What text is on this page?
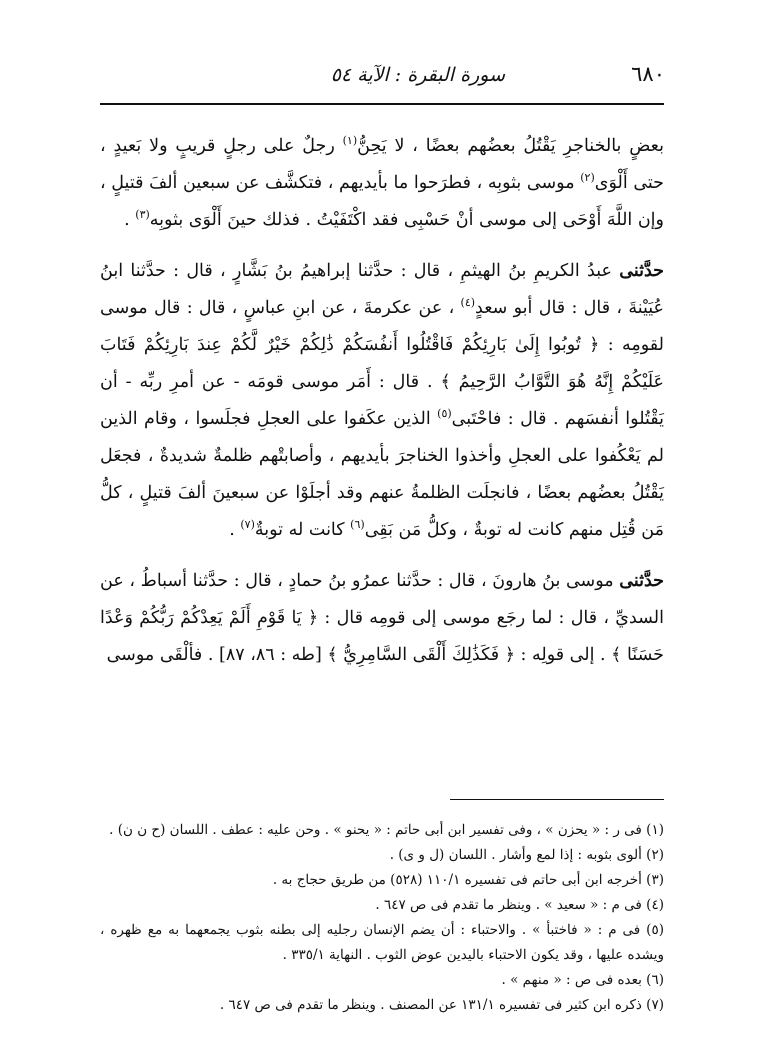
٦٨٠
سورة البقرة : الآية ٥٤

بعضٍ بالخناجرِ يَقْتُلُ بعضُهم بعضًا ، لا يَحِنُّ$^{(١)}$ رجلٌ على رجلٍ قريبٍ ولا بَعيدٍ ، حتى أَلْوَى$^{(٢)}$ موسى بثوبِه ، فطرَحوا ما بأيديهم ، فتكشَّف عن سبعين ألفَ قتيلٍ ، وإن اللَّهَ أَوْحَى إلى موسى أنْ حَسْبِى فقد اكْتَفَيْتُ . فذلك حينَ أَلْوَى بثوبِه$^{(٣)}$ .

حدَّثنى عبدُ الكريمِ بنُ الهيثمِ ، قال : حدَّثنا إبراهيمُ بنُ بَشَّارٍ ، قال : حدَّثنا ابنُ عُيَيْنةَ ، قال : قال أبو سعدٍ$^{(٤)}$ ، عن عكرمةَ ، عن ابنِ عباسٍ ، قال : قال موسى لقومِه : ﴿ تُوبُوا إِلَىٰ بَارِئِكُمْ فَاقْتُلُوا أَنفُسَكُمْ ذَٰلِكُمْ خَيْرٌ لَّكُمْ عِندَ بَارِئِكُمْ فَتَابَ عَلَيْكُمْ إِنَّهُ هُوَ التَّوَّابُ الرَّحِيمُ ﴾ . قال : أَمَر موسى قومَه - عن أمرِ ربِّه - أن يَقْتُلوا أنفسَهم . قال : فاحْتَبى$^{(٥)}$ الذين عكَفوا على العجلِ فجلَسوا ، وقام الذين لم يَعْكُفوا على العجلِ وأخذوا الخناجرَ بأيديهم ، وأصابتْهم ظلمةٌ شديدةٌ ، فجعَل يَقْتُلُ بعضُهم بعضًا ، فانجلَت الظلمةُ عنهم وقد أجلَوْا عن سبعينَ ألفَ قتيلٍ ، كلُّ مَن قُتِل منهم كانت له توبةٌ ، وكلُّ مَن بَقِى$^{(٦)}$ كانت له توبةٌ$^{(٧)}$ .

حدَّثنى موسى بنُ هارونَ ، قال : حدَّثنا عمرُو بنُ حمادٍ ، قال : حدَّثنا أسباطُ ، عن السديِّ ، قال : لما رجَع موسى إلى قومِه قال : ﴿ يَا قَوْمِ أَلَمْ يَعِدْكُمْ رَبُّكُمْ وَعْدًا حَسَنًا ﴾ . إلى قولِه : ﴿ فَكَذَٰلِكَ أَلْقَى السَّامِرِيُّ ﴾ [طه : ٨٦، ٨٧] . فألْقَى موسى

(١) فى ر : « يحزن » ، وفى تفسير ابن أبى حاتم : « يحنو » . وحن عليه : عطف . اللسان (ح ن ن) .

(٢) ألوى بثوبه : إذا لمع وأشار . اللسان (ل و ى) .

(٣) أخرجه ابن أبى حاتم فى تفسيره ١١٠/١ (٥٢٨) من طريق حجاج به .

(٤) فى م : « سعيد » . وينظر ما تقدم فى ص ٦٤٧ .

(٥) فى م : « فاختبأ » . والاحتباء : أن يضم الإنسان رجليه إلى بطنه بثوب يجمعهما به مع ظهره ، ويشده عليها ، وقد يكون الاحتباء باليدين عوض الثوب . النهاية ٣٣٥/١ .

(٦) بعده فى ص : « منهم » .

(٧) ذكره ابن كثير فى تفسيره ١٣١/١ عن المصنف . وينظر ما تقدم فى ص ٦٤٧ .
